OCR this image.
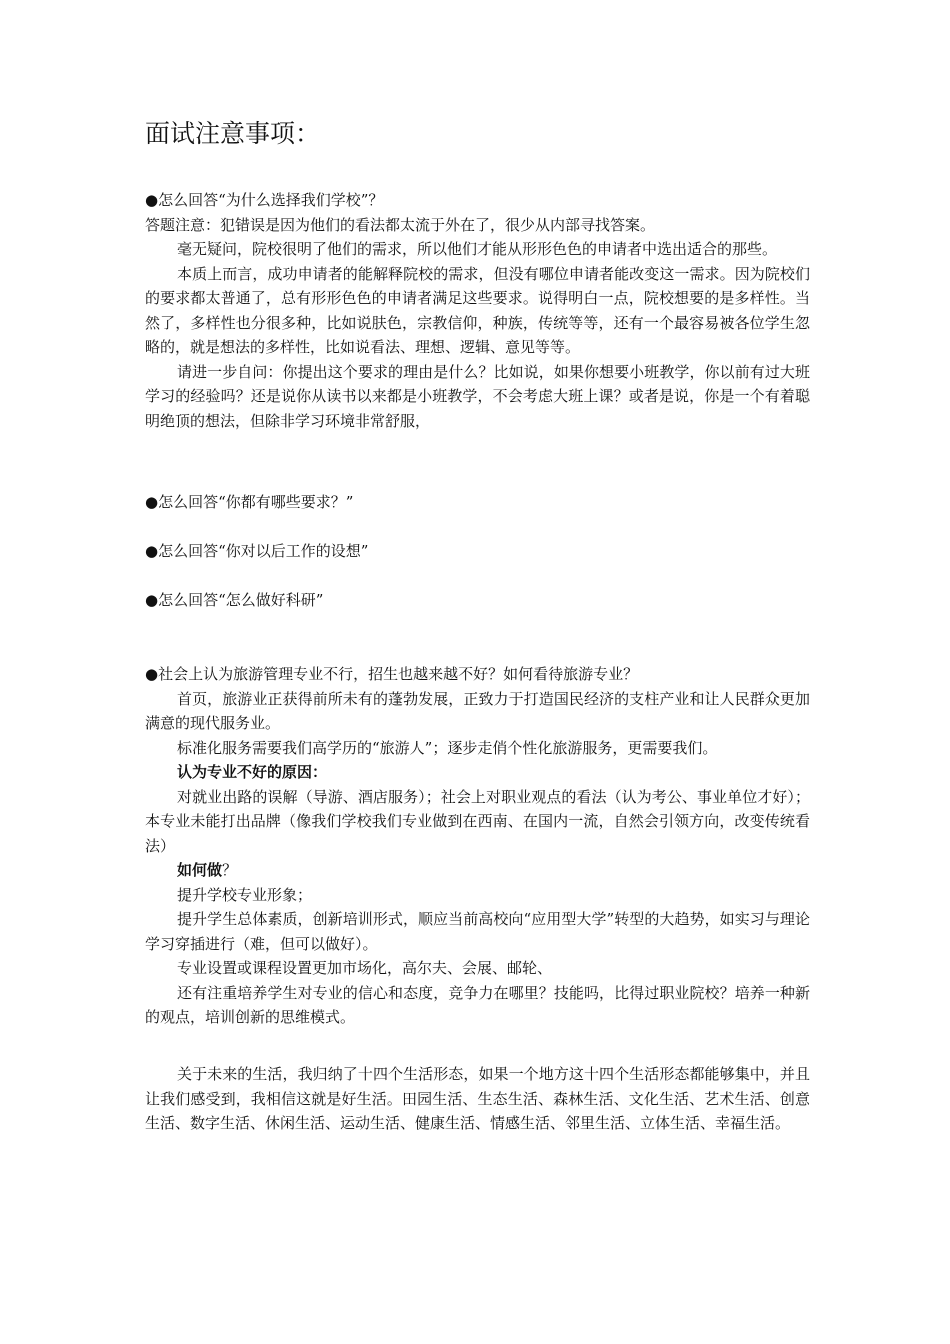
面试注意事项：

●怎么回答“为什么选择我们学校”？

答题注意：犯错误是因为他们的看法都太流于外在了，很少从内部寻找答案。

毫无疑问，院校很明了他们的需求，所以他们才能从形形色色的申请者中选出适合的那些。

本质上而言，成功申请者的能解释院校的需求，但没有哪位申请者能改变这一需求。因为院校们的要求都太普通了，总有形形色色的申请者满足这些要求。说得明白一点，院校想要的是多样性。当然了，多样性也分很多种，比如说肤色，宗教信仰，种族，传统等等，还有一个最容易被各位学生忽略的，就是想法的多样性，比如说看法、理想、逻辑、意见等等。

请进一步自问：你提出这个要求的理由是什么？比如说，如果你想要小班教学，你以前有过大班学习的经验吗？还是说你从读书以来都是小班教学，不会考虑大班上课？或者是说，你是一个有着聪明绝顶的想法，但除非学习环境非常舒服，

●怎么回答“你都有哪些要求？”

●怎么回答“你对以后工作的设想”

●怎么回答“怎么做好科研”

●社会上认为旅游管理专业不行，招生也越来越不好？如何看待旅游专业？

首页，旅游业正获得前所未有的蓬勃发展，正致力于打造国民经济的支柱产业和让人民群众更加满意的现代服务业。

标准化服务需要我们高学历的“旅游人”；逐步走俏个性化旅游服务，更需要我们。

认为专业不好的原因：

对就业出路的误解（导游、酒店服务）；社会上对职业观点的看法（认为考公、事业单位才好）；本专业未能打出品牌（像我们学校我们专业做到在西南、在国内一流，自然会引领方向，改变传统看法）

如何做？

提升学校专业形象；

提升学生总体素质，创新培训形式，顺应当前高校向“应用型大学”转型的大趋势，如实习与理论学习穿插进行（难，但可以做好）。

专业设置或课程设置更加市场化，高尔夫、会展、邮轮、

还有注重培养学生对专业的信心和态度，竞争力在哪里？技能吗，比得过职业院校？培养一种新的观点，培训创新的思维模式。

关于未来的生活，我归纳了十四个生活形态，如果一个地方这十四个生活形态都能够集中，并且让我们感受到，我相信这就是好生活。田园生活、生态生活、森林生活、文化生活、艺术生活、创意生活、数字生活、休闲生活、运动生活、健康生活、情感生活、邻里生活、立体生活、幸福生活。
